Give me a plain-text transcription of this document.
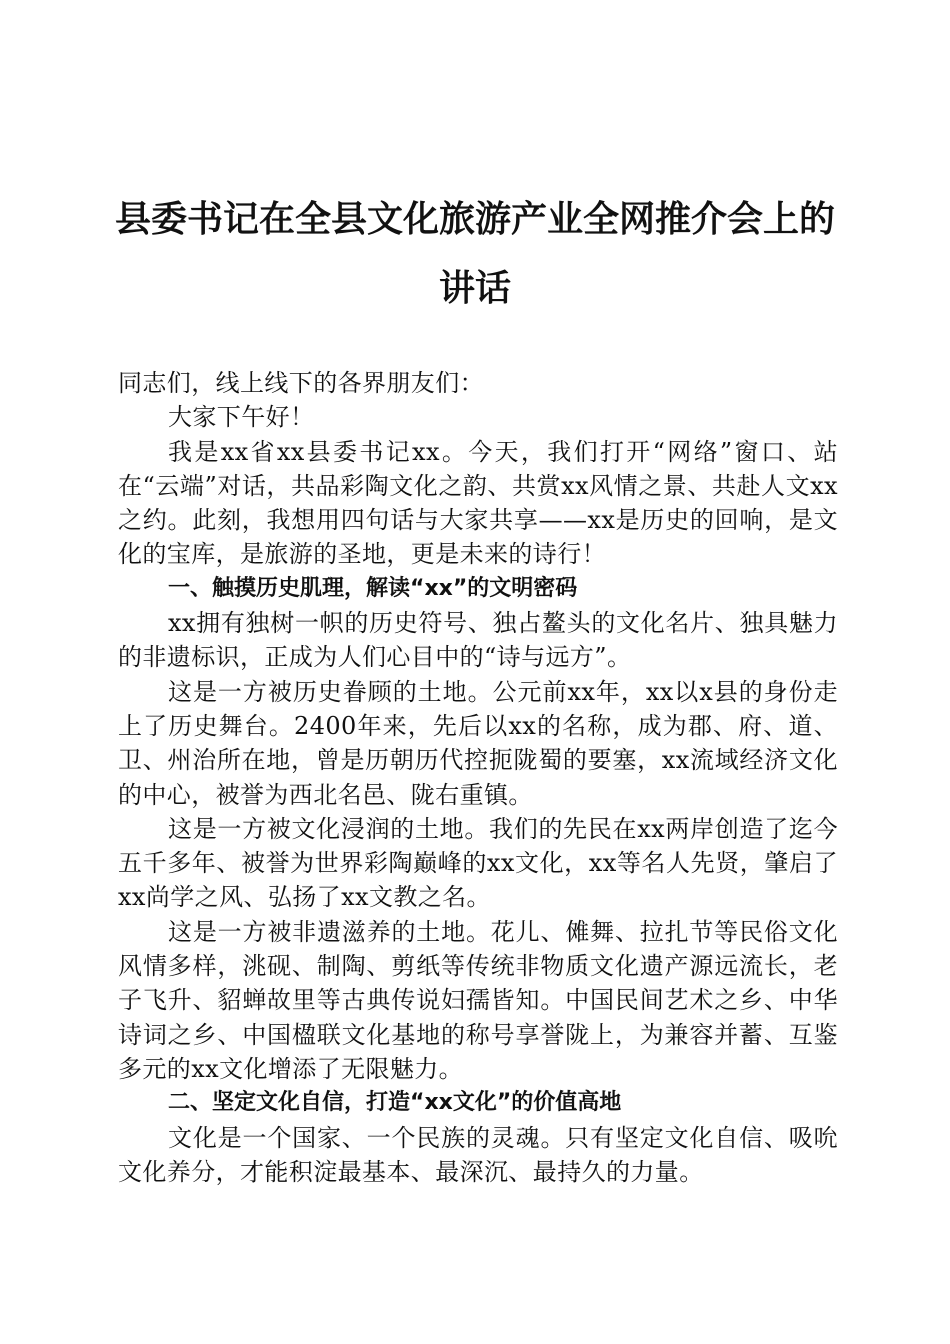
县委书记在全县文化旅游产业全网推介会上的
讲话

同志们，线上线下的各界朋友们：

大家下午好！

我是xx省xx县委书记xx。今天，我们打开“网络”窗口、站在“云端”对话，共品彩陶文化之韵、共赏xx风情之景、共赴人文xx之约。此刻，我想用四句话与大家共享——xx是历史的回响，是文化的宝库，是旅游的圣地，更是未来的诗行！

一、触摸历史肌理，解读“xx”的文明密码

xx拥有独树一帜的历史符号、独占鳌头的文化名片、独具魅力的非遗标识，正成为人们心目中的“诗与远方”。

这是一方被历史眷顾的土地。公元前xx年，xx以x县的身份走上了历史舞台。2400年来，先后以xx的名称，成为郡、府、道、卫、州治所在地，曾是历朝历代控扼陇蜀的要塞，xx流域经济文化的中心，被誉为西北名邑、陇右重镇。

这是一方被文化浸润的土地。我们的先民在xx两岸创造了迄今五千多年、被誉为世界彩陶巅峰的xx文化，xx等名人先贤，肇启了xx尚学之风、弘扬了xx文教之名。

这是一方被非遗滋养的土地。花儿、傩舞、拉扎节等民俗文化风情多样，洮砚、制陶、剪纸等传统非物质文化遗产源远流长，老子飞升、貂蝉故里等古典传说妇孺皆知。中国民间艺术之乡、中华诗词之乡、中国楹联文化基地的称号享誉陇上，为兼容并蓄、互鉴多元的xx文化增添了无限魅力。

二、坚定文化自信，打造“xx文化”的价值高地

文化是一个国家、一个民族的灵魂。只有坚定文化自信、吸吮文化养分，才能积淀最基本、最深沉、最持久的力量。
